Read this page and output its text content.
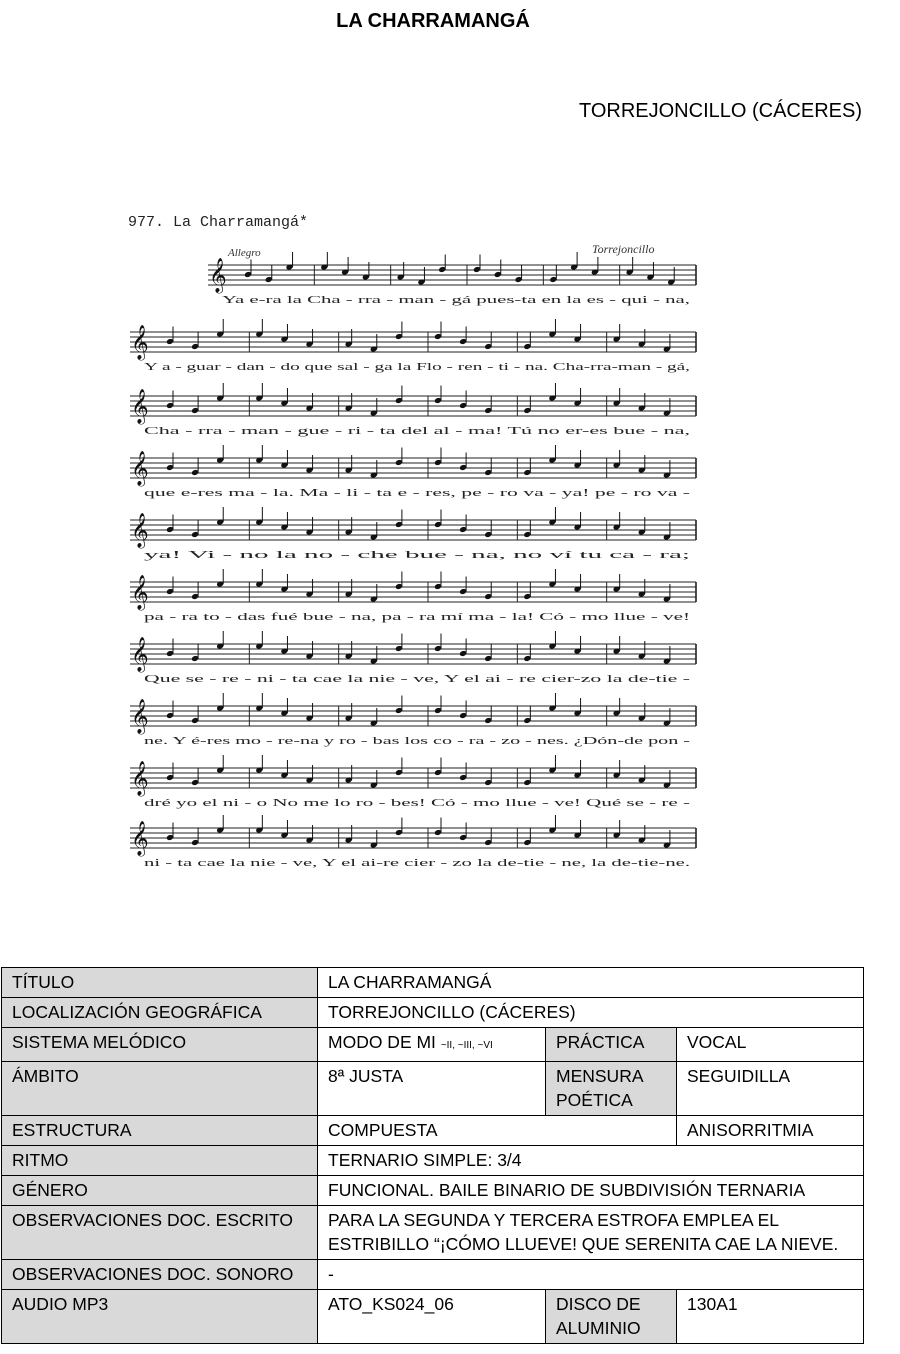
LA CHARRAMANGÁ
TORREJONCILLO (CÁCERES)
977. La Charramangá*
Allegro	Torrejoncillo
𝄞
Ya e-ra la Cha - rra - man - gá pues-ta en la es - qui - na,
𝄞
Y a - guar - dan - do que sal - ga la Flo - ren - ti - na. Cha-rra-man - gá,
𝄞
Cha - rra - man - gue - ri - ta del al - ma! Tú no er-es bue - na,
𝄞
que e-res ma - la. Ma - li - ta e - res, pe - ro va - ya! pe - ro va -
𝄞
ya! Vi - no la no - che bue - na, no ví tu ca - ra;
𝄞
pa - ra to - das fué bue - na, pa - ra mí ma - la! Có - mo llue - ve!
𝄞
Que se - re - ni - ta cae la nie - ve, Y el ai - re cier-zo la de-tie -
𝄞
ne. Y é-res mo - re-na y ro - bas los co - ra - zo - nes. ¿Dón-de pon -
𝄞
dré yo el ni - o No me lo ro - bes! Có - mo llue - ve! Qué se - re -
𝄞
ni - ta cae la nie - ve, Y el ai-re cier - zo la de-tie - ne, la de-tie-ne.
TÍTULO	LA CHARRAMANGÁ		
LOCALIZACIÓN GEOGRÁFICA	TORREJONCILLO (CÁCERES)		
SISTEMA MELÓDICO	MODO DE MI ~II, ~III, ~VI	PRÁCTICA	VOCAL
ÁMBITO	8ª JUSTA	MENSURA POÉTICA	SEGUIDILLA
ESTRUCTURA	COMPUESTA		ANISORRITMIA
RITMO	TERNARIO SIMPLE: 3/4		
GÉNERO	FUNCIONAL. BAILE BINARIO DE SUBDIVISIÓN TERNARIA		
OBSERVACIONES DOC. ESCRITO	PARA LA SEGUNDA Y TERCERA ESTROFA EMPLEA EL ESTRIBILLO “¡CÓMO LLUEVE! QUE SERENITA CAE LA NIEVE.		
OBSERVACIONES DOC. SONORO	-		
AUDIO MP3	ATO_KS024_06	DISCO DE ALUMINIO	130A1
